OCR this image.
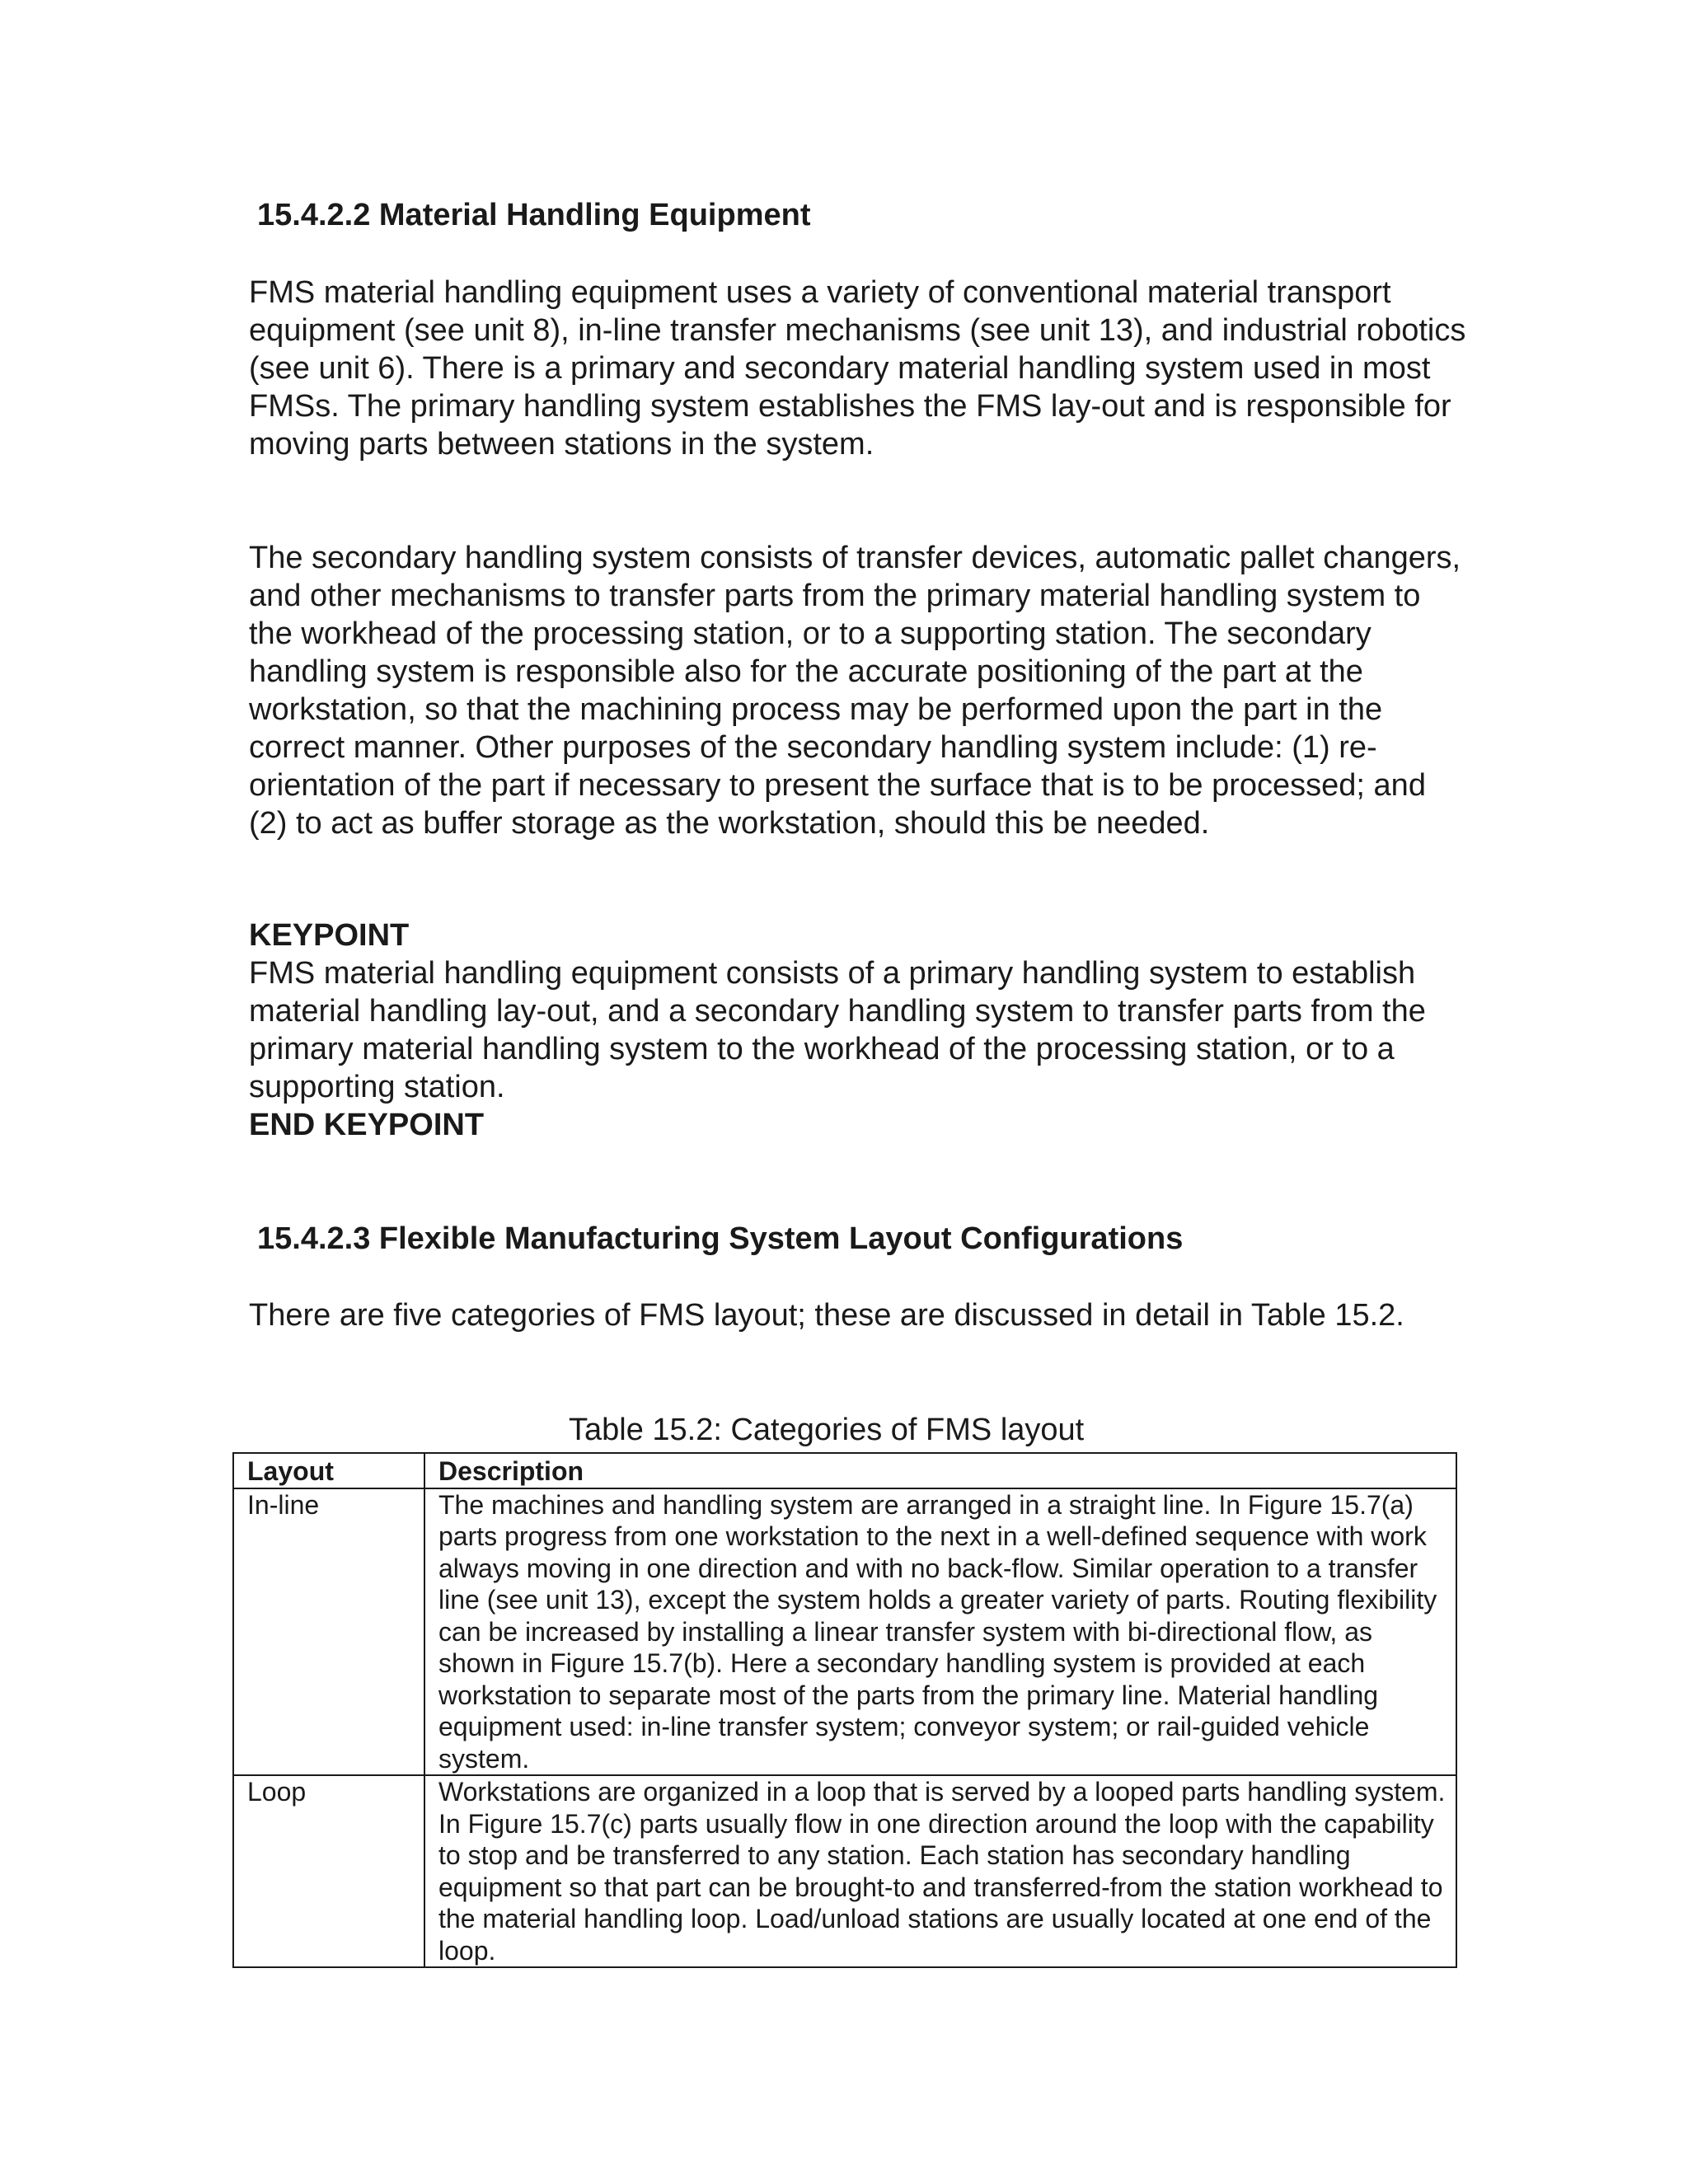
15.4.2.2 Material Handling Equipment

FMS material handling equipment uses a variety of conventional material transport equipment (see unit 8), in-line transfer mechanisms (see unit 13), and industrial robotics (see unit 6). There is a primary and secondary material handling system used in most FMSs. The primary handling system establishes the FMS lay-out and is responsible for moving parts between stations in the system.

The secondary handling system consists of transfer devices, automatic pallet changers, and other mechanisms to transfer parts from the primary material handling system to the workhead of the processing station, or to a supporting station. The secondary handling system is responsible also for the accurate positioning of the part at the workstation, so that the machining process may be performed upon the part in the correct manner. Other purposes of the secondary handling system include: (1) re-orientation of the part if necessary to present the surface that is to be processed; and (2) to act as buffer storage as the workstation, should this be needed.

KEYPOINT

FMS material handling equipment consists of a primary handling system to establish material handling lay-out, and a secondary handling system to transfer parts from the primary material handling system to the workhead of the processing station, or to a supporting station.

END KEYPOINT
15.4.2.3 Flexible Manufacturing System Layout Configurations

There are five categories of FMS layout; these are discussed in detail in Table 15.2.

Table 15.2: Categories of FMS layout
Layout	Description
In-line	The machines and handling system are arranged in a straight line. In Figure 15.7(a) parts progress from one workstation to the next in a well-defined sequence with work always moving in one direction and with no back-flow. Similar operation to a transfer line (see unit 13), except the system holds a greater variety of parts. Routing flexibility can be increased by installing a linear transfer system with bi-directional flow, as shown in Figure 15.7(b). Here a secondary handling system is provided at each workstation to separate most of the parts from the primary line. Material handling equipment used: in-line transfer system; conveyor system; or rail-guided vehicle system.
Loop	Workstations are organized in a loop that is served by a looped parts handling system. In Figure 15.7(c) parts usually flow in one direction around the loop with the capability to stop and be transferred to any station. Each station has secondary handling equipment so that part can be brought-to and transferred-from the station workhead to the material handling loop. Load/unload stations are usually located at one end of the loop.
